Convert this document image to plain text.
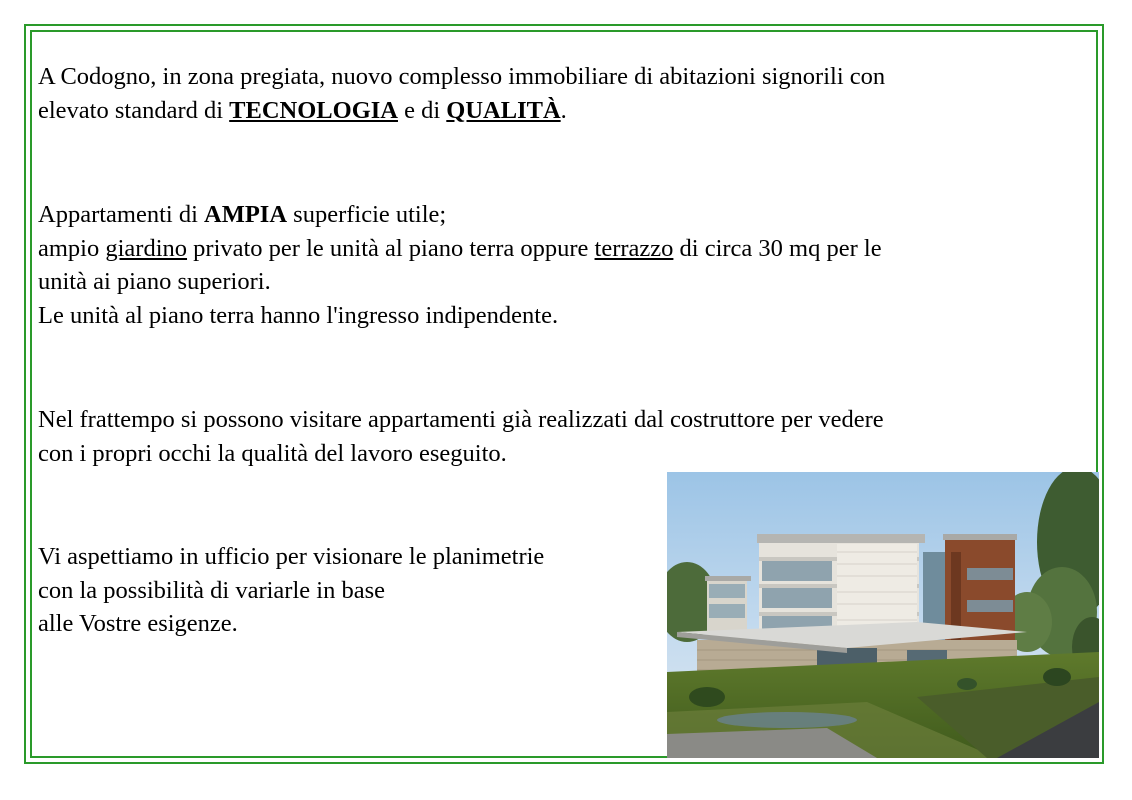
A Codogno, in zona pregiata, nuovo complesso immobiliare di abitazioni signorili con
elevato standard di TECNOLOGIA e di QUALITÀ.
Appartamenti di AMPIA superficie utile;
ampio giardino privato per le unità al piano terra oppure terrazzo di circa 30 mq per le
unità ai piano superiori.
Le unità al piano terra hanno l'ingresso indipendente.
Nel frattempo si possono visitare appartamenti già realizzati dal costruttore per vedere
con i propri occhi la qualità del lavoro eseguito.
Vi aspettiamo in ufficio per visionare le planimetrie
con la possibilità di variarle in base
alle Vostre esigenze.
